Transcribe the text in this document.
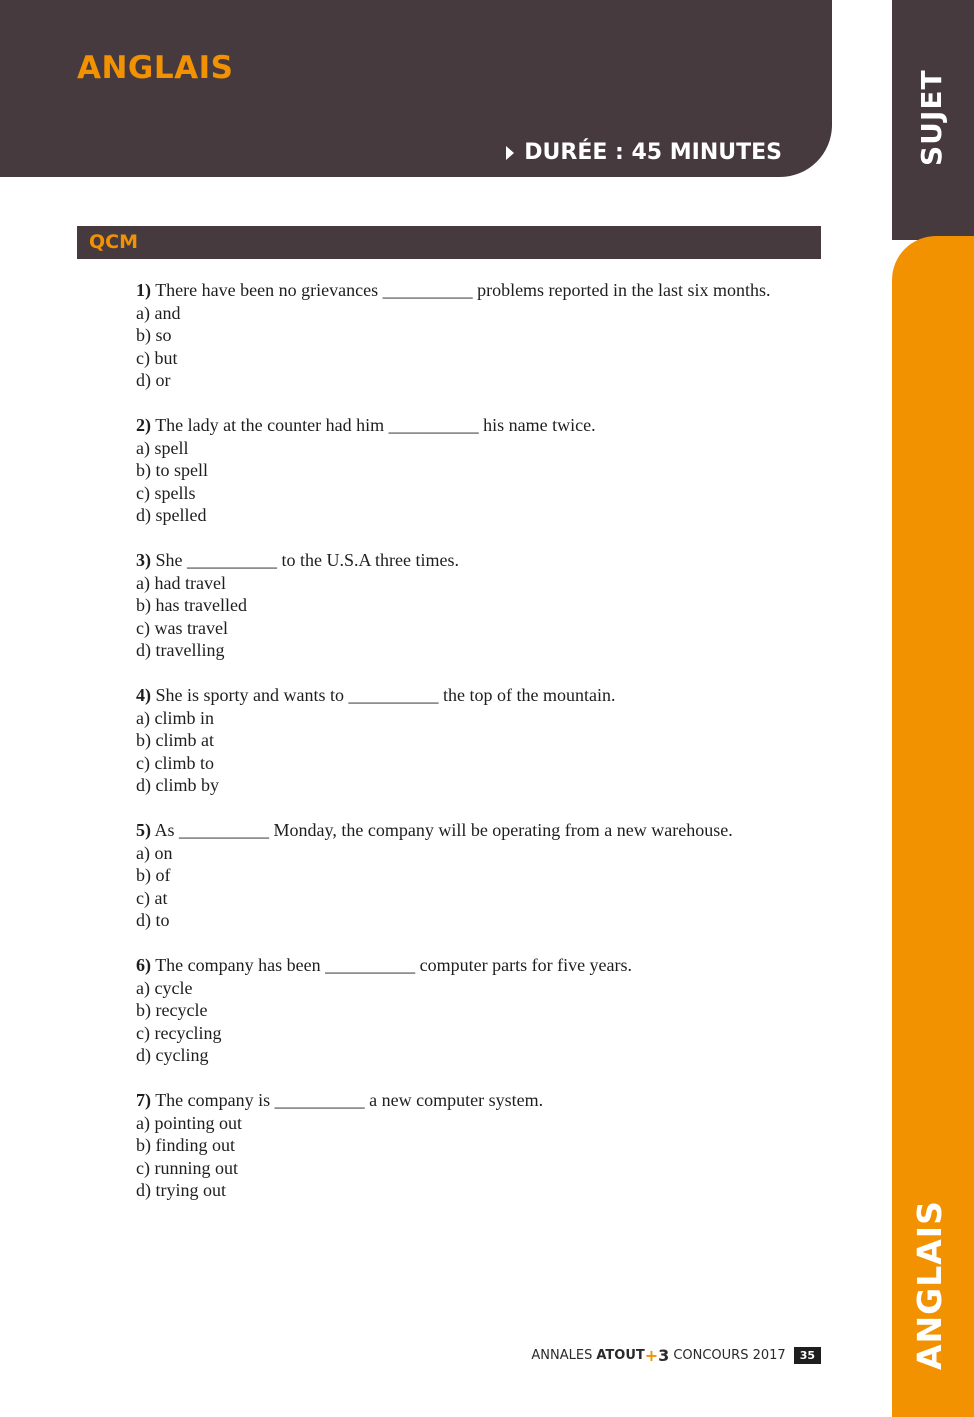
ANGLAIS
DURÉE : 45 MINUTES	SUJET
ANGLAIS
QCM
1) There have been no grievances __________ problems reported in the last six months.
a) and
b) so
c) but
d) or
2) The lady at the counter had him __________ his name twice.
a) spell
b) to spell
c) spells
d) spelled
3) She __________ to the U.S.A three times.
a) had travel
b) has travelled
c) was travel
d) travelling
4) She is sporty and wants to __________ the top of the mountain.
a) climb in
b) climb at
c) climb to
d) climb by
5) As __________ Monday, the company will be operating from a new warehouse.
a) on
b) of
c) at
d) to
6) The company has been __________ computer parts for five years.
a) cycle
b) recycle
c) recycling
d) cycling
7) The company is __________ a new computer system.
a) pointing out
b) finding out
c) running out
d) trying out
ANNALES ATOUT + 3 CONCOURS 2017	35
